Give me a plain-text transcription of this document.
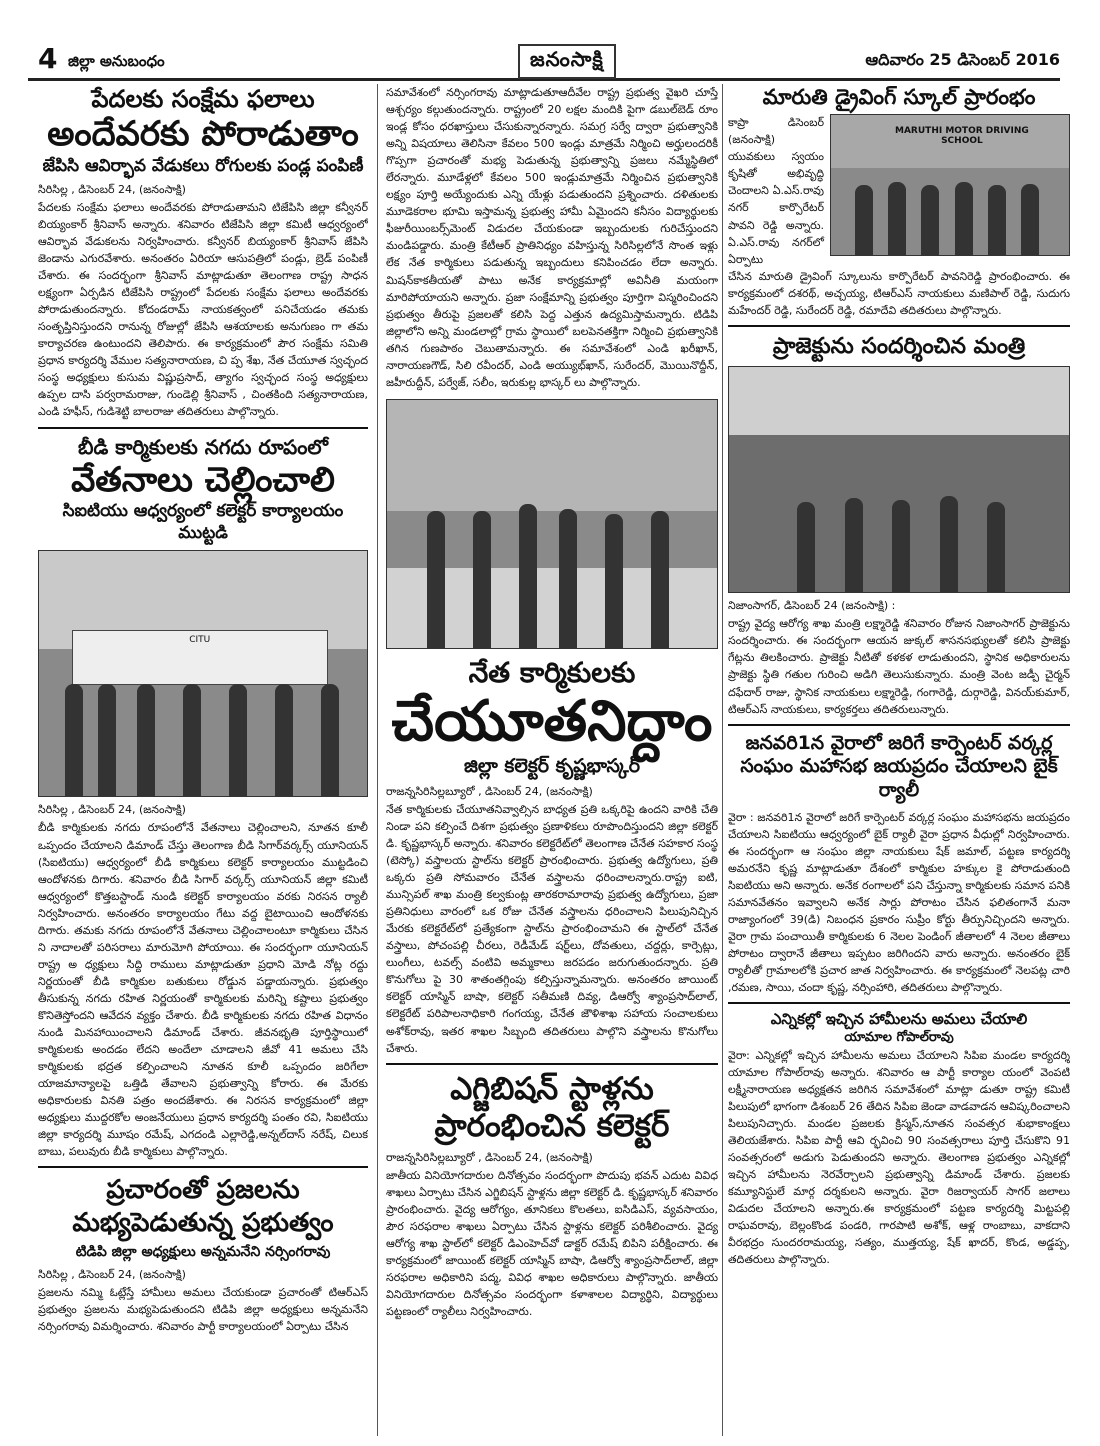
4 జిల్లా అనుబంధం	జనంసాక్షి	ఆదివారం 25 డిసెంబర్ 2016
పేదలకు సంక్షేమ ఫలాలు
అందేవరకు పోరాడుతాం
జేపిసి ఆవిర్భావ వేడుకలు రోగులకు పండ్ల పంపిణీ
సిరిసిల్ల , డిసెంబర్ 24, (జనంసాక్షి)

పేదలకు సంక్షేమ ఫలాలు అందేవరకు పోరాడుతామని టిజేపిసి జిల్లా కన్వీనర్ బియ్యంకార్ శ్రీనివాస్ అన్నారు. శనివారం టిజేపిసి జిల్లా కమిటీ ఆధ్వర్యంలో ఆవిర్భావ వేడుకలను నిర్వహించారు. కన్వీనర్ బియ్యంకార్ శ్రీనివాస్ జేపిసి జెండాను ఎగురవేశారు. అనంతరం ఏరియా ఆసుపత్రిలో పండ్లు, బ్రెడ్ పంపిణీ చేశారు. ఈ సందర్భంగా శ్రీనివాస్ మాట్లాడుతూ తెలంగాణ రాష్ట్ర సాధన లక్ష్యంగా ఏర్పడిన టిజేపిసి రాష్ట్రంలో పేదలకు సంక్షేమ ఫలాలు అందేవరకు పోరాడుతుందన్నారు. కోదండరామ్ నాయకత్వంలో పనిచేయడం తమకు సంతృప్తినిస్తుందని రానున్న రోజుల్లో జేపిసి ఆశయాలకు అనుగుణం గా తమ కార్యాచరణ ఉంటుందని తెలిపారు. ఈ కార్యక్రమంలో పౌర సంక్షేమ సమితి ప్రధాన కార్యదర్శి వేముల సత్యనారాయణ, చి ప్ప శేఖ, నేత చేయూత స్వచ్ఛంద సంస్థ అధ్యక్షులు కుసుమ విష్ణుప్రసాద్, త్యాగం స్వచ్ఛంద సంస్థ అధ్యక్షులు ఉప్పల దాసి పర్వరామరాజు, గుండెల్లి శ్రీనివాస్ , చింతకింది సత్యనారాయణ, ఎండి హఫీస్, గుడిశెట్టి బాలరాజు తదితరులు పాల్గొన్నారు.

బీడి కార్మికులకు నగదు రూపంలో
వేతనాలు చెల్లించాలి
సిఐటియు ఆధ్వర్యంలో కలెక్టర్ కార్యాలయం ముట్టడి
CITU
సిరిసిల్ల , డిసెంబర్ 24, (జనంసాక్షి)

బీడి కార్మికులకు నగదు రూపంలోనే వేతనాలు చెల్లించాలని, నూతన కూలీ ఒప్పందం చేయాలని డిమాండ్ చేస్తు తెలంగాణ బీడి సిగార్‌వర్కర్స్ యూనియన్ (సిఐటియు) ఆధ్వర్యంలో బీడి కార్మికులు కలెక్టర్ కార్యాలయం ముట్టడించి ఆందోళనకు దిగారు. శనివారం బీడి సిగార్ వర్కర్స్ యూనియన్ జిల్లా కమిటీ ఆధ్వర్యంలో కొత్తబస్టాండ్ నుండి కలెక్టర్ కార్యాలయం వరకు నిరసన ర్యాలీ నిర్వహించారు. అనంతరం కార్యాలయం గేటు వద్ద బైటాయించి ఆందోళనకు దిగారు. తమకు నగదు రూపంలోనే వేతనాలు చెల్లించాలంటూ కార్మికులు చేసిన ని నాదాలతో పరిసరాలు మారుమోగి పోయాయి. ఈ సందర్భంగా యూనియన్ రాష్ట్ర అ ధ్యక్షులు సిద్ది రాములు మాట్లాడుతూ ప్రధాని మోడి నోట్ల రద్దు నిర్ణయంతో బీడి కార్మికుల బతుకులు రోడ్డున పడ్డాయన్నారు. ప్రభుత్వం తీసుకున్న నగదు రహిత నిర్ణయంతో కార్మికులకు మరిన్ని కష్టాలు ప్రభుత్వం కొనితెస్తోందని ఆవేదన వ్యక్తం చేశారు. బీడి కార్మికులకు నగదు రహిత విధానం నుండి మినహాయించాలని డిమాండ్ చేశారు. జీవనభృతి పూర్తిస్థాయిలో కార్మికులకు అందడం లేదని అందేలా చూడాలని జీవో 41 అమలు చేసి కార్మికులకు భద్రత కల్పించాలని నూతన కూలీ ఒప్పందం జరిగేలా యాజమాన్యాలపై ఒత్తిడి తేవాలని ప్రభుత్వాన్ని కోరారు. ఈ మేరకు అధికారులకు వినతి పత్రం అందజేశారు. ఈ నిరసన కార్యక్రమంలో జిల్లా అధ్యక్షులు ముద్దరకోల అంజనేయులు ప్రధాన కార్యదర్శి పంతం రవి, సిఐటియు జిల్లా కార్యదర్శి మూషం రమేష్, ఎగదండి ఎల్లారెడ్డి,అన్నల్‌దాస్ నరేష్, చిలుక బాబు, పలువురు బీడి కార్మికులు పాల్గొన్నారు.

ప్రచారంతో ప్రజలను మభ్యపెడుతున్న ప్రభుత్వం
టిడిపి జిల్లా అధ్యక్షులు అన్నమనేని నర్సింగరావు
సిరిసిల్ల , డిసెంబర్ 24, (జనంసాక్షి)

ప్రజలను నమ్మి ఓట్లేస్తే హామీలు అమలు చేయకుండా ప్రచారంతో టిఆర్ఎస్ ప్రభుత్వం ప్రజలను మభ్యపెడుతుందని టిడిపి జిల్లా అధ్యక్షులు అన్నమనేని నర్సింగరావు విమర్శించారు. శనివారం పార్టీ కార్యాలయంలో ఏర్పాటు చేసిన

సమావేశంలో నర్సింగరావు మాట్లాడుతూఆదీవేల రాష్ట్ర ప్రభుత్వ వైఖరి చూస్తే ఆశ్చర్యం కల్గుతుందన్నారు. రాష్ట్రంలో 20 లక్షల మందికి పైగా డబుల్‌బెడ్ రూం ఇండ్ల కోసం ధరఖాస్తులు చేసుకున్నారన్నారు. సమగ్ర సర్వే ద్వారా ప్రభుత్వానికి అన్ని విషయాలు తెలిసినా కేవలం 500 ఇండ్లు మాత్రమే నిర్మించి అర్హులందరికీ గొప్పగా ప్రచారంతో మభ్య పెడుతున్న ప్రభుత్వాన్ని ప్రజలు నమ్మేస్థితిలో లేరన్నారు. మూడేళ్లలో కేవలం 500 ఇండ్లుమాత్రమే నిర్మించిన ప్రభుత్వానికి లక్ష్యం పూర్తి అయ్యేందుకు ఎన్ని యేళ్లు పడుతుందని ప్రశ్నించారు. దళితులకు మూడెకరాల భూమి ఇస్తామన్న ప్రభుత్వ హామీ ఏమైందని కనీసం విద్యార్థులకు ఫీజురీయింబర్స్‌మెంట్ విడుదల చేయకుండా ఇబ్బందులకు గురిచేస్తుందని మండిపడ్డారు. మంత్రి కేటీఆర్ ప్రాతినిధ్యం వహిస్తున్న సిరిసిల్లలోనే సొంత ఇళ్లు లేక నేత కార్మికులు పడుతున్న ఇబ్బందులు కనిపించడం లేదా అన్నారు. మిషన్‌కాకతీయతో పాటు అనేక కార్యక్రమాల్లో అవినీతి మయంగా మారిపోయాయని అన్నారు. ప్రజా సంక్షేమాన్ని ప్రభుత్వం పూర్తిగా విస్మరించిందని ప్రభుత్వం తీరుపై ప్రజలతో కలిసి పెద్ద ఎత్తున ఉద్యమిస్తామన్నారు. టిడిపి జిల్లాలోని అన్ని మండలాల్లో గ్రామ స్థాయిలో బలపెనతక్తిగా నిర్మించి ప్రభుత్వానికి తగిన గుణపాఠం చెబుతామన్నారు. ఈ సమావేశంలో ఎండి ఖరీఖాన్, నారాయణగౌడ్, సిలి రవీందర్, ఎండి అయ్యుభ్‌ఖాన్, సురేందర్, మొయినొద్దీన్, జహీరుద్దీన్, పర్వేజ్, సలీం, ఇరుకుల్ల భాస్కర్ లు పాల్గొన్నారు.

నేత కార్మికులకు
చేయూతనిద్దాం
జిల్లా కలెక్టర్ కృష్ణభాస్కర్
రాజన్నసిరిసిల్లబ్యూరో , డిసెంబర్ 24, (జనంసాక్షి)

నేత కార్మికులకు చేయూతనివ్వాల్సిన బాధ్యత ప్రతి ఒక్కరిపై ఉందని వారికి చేతి నిండా పని కల్పించే దిశగా ప్రభుత్వం ప్రణాళికలు రూపొందిస్తుందని జిల్లా కలెక్టర్ డి. కృష్ణభాస్కర్ అన్నారు. శనివారం కలెక్టరేట్‌లో తెలంగాణ చేనేత సహకార సంస్థ (టెస్కో) వస్త్రాలయ స్టాల్‌ను కలెక్టర్ ప్రారంభించారు. ప్రభుత్వ ఉద్యోగులు, ప్రతి ఒక్కరు ప్రతి సోమవారం చేనేత వస్త్రాలను ధరించాలన్నారు.రాష్ట్ర ఐటి, మున్సిపల్ శాఖ మంత్రి కల్వకుంట్ల తారకరామారావు ప్రభుత్వ ఉద్యోగులు, ప్రజా ప్రతినిధులు వారంలో ఒక రోజు చేనేత వస్త్రాలను ధరించాలని పిలుపునిచ్చిన మేరకు కలెక్టరేట్‌లో ప్రత్యేకంగా స్టాల్‌ను ప్రారంభించామని ఈ స్టాల్‌లో చేనేత వస్త్రాలు, పోచంపల్లి చీరలు, రెడీమేడ్ షర్ట్‌లు, దోవతులు, చద్దర్లు, కార్పెట్లు, లుంగీలు, టవల్స్ వంటివి అమ్మకాలు జరపడం జరుగుతుందన్నారు. ప్రతి కొనుగోలు పై 30 శాతంతగ్గింపు కల్పిస్తున్నామన్నారు. అనంతరం జాయింట్ కలెక్టర్ యాస్మిన్ బాషా, కలెక్టర్ సతీమణి దివ్య, డిఆర్వో శ్యాంప్రసాద్‌లాల్, కలెక్టరేట్ పరిపాలనాధికారి గంగయ్య, చేనేత జౌళిశాఖ సహాయ సంచాలకులు అశోక్‌రావు, ఇతర శాఖల సిబ్బంది తదితరులు పాల్గొని వస్త్రాలను కొనుగోలు చేశారు.

ఎగ్జిబిషన్ స్టాళ్లను ప్రారంభించిన కలెక్టర్
రాజన్నసిరిసిల్లబ్యూరో , డిసెంబర్ 24, (జనంసాక్షి)

జాతీయ వినియోగదారుల దినోత్సవం సందర్భంగా పొదుపు భవన్ ఎదుట వివిధ శాఖలు ఏర్పాటు చేసిన ఎగ్జిబిషన్ స్టాళ్లను జిల్లా కలెక్టర్ డి. కృష్ణభాస్కర్ శనివారం ప్రారంభించారు. వైద్య ఆరోగ్యం, తూనికలు కొలతలు, ఐసిడిఎస్, వ్యవసాయం, పౌర సరఫరాల శాఖలు ఏర్పాటు చేసిన స్టాళ్లను కలెక్టర్ పరిశీలించారు. వైద్య ఆరోగ్య శాఖ స్టాల్‌లో కలెక్టర్ డిఎంహెచ్‌వో డాక్టర్ రమేష్ బిపిని పరీక్షించారు. ఈ కార్యక్రమంలో జాయింట్ కలెక్టర్ యాస్మిన్ బాషా, డిఆర్వో శ్యాంప్రసాద్‌లాల్, జిల్లా సరఫరాల అధికారిని పద్మ, వివిధ శాఖల అధికారులు పాల్గొన్నారు. జాతీయ వినియోగదారుల దినోత్సవం సందర్భంగా కళాశాలల విద్యార్థిని, విద్యార్థులు పట్టణంలో ర్యాలీలు నిర్వహించారు.

మారుతి డ్రైవింగ్ స్కూల్ ప్రారంభం
MARUTHI MOTOR DRIVING SCHOOL

కాప్రా డిసెంబర్ (జనంసాక్షి) యువకులు స్వయం కృషితో అభివృద్ధి చెందాలని ఏ.ఎస్.రావు నగర్ కార్పొరేటర్ పావని రెడ్డి అన్నారు. ఏ.ఎస్.రావు నగర్‌లో ఏర్పాటు

చేసిన మారుతి డ్రైవింగ్ స్కూలును కార్పొరేటర్ పావనిరెడ్డి ప్రారంభించారు. ఈ కార్యక్రమంలో దశరథ్, అచ్చయ్య, టిఆర్ఎస్ నాయకులు మణిపాల్ రెడ్డి, సుదుగు మహేందర్ రెడ్డి, సురేందర్ రెడ్డి, రమాదేవి తదితరులు పాల్గొన్నారు.

ప్రాజెక్టును సందర్శించిన మంత్రి
నిజాంసాగర్, డిసెంబర్ 24 (జనంసాక్షి) :

రాష్ట్ర వైద్య ఆరోగ్య శాఖ మంత్రి లక్ష్మారెడ్డి శనివారం రోజున నిజాంసాగర్ ప్రాజెక్టును సందర్శించారు. ఈ సందర్భంగా ఆయన జుక్కల్ శాసనసభ్యులతో కలిసి ప్రాజెక్టు గేట్లను తిలకించారు. ప్రాజెక్టు నీటితో కళకళ లాడుతుందని, స్థానిక అధికారులను ప్రాజెక్టు స్థితి గతుల గురించి అడిగి తెలుసుకున్నారు. మంత్రి వెంట జడ్పీ చైర్మన్ దఫేదార్ రాజు, స్థానిక నాయకులు లక్ష్మారెడ్డి, గంగారెడ్డి, దుర్గారెడ్డి, వినయ్‌కుమార్, టిఆర్ఎస్ నాయకులు, కార్యకర్తలు తదితరులున్నారు.

జనవరి1న వైరాలో జరిగే కార్పెంటర్ వర్కర్ల సంఘం మహాసభ జయప్రదం చేయాలని బైక్ ర్యాలీ

వైరా : జనవరి1న వైరాలో జరిగే కార్పెంటర్ వర్కర్ల సంఘం మహాసభను జయప్రదం చేయాలని సిఐటియు ఆధ్వర్యంలో బైక్ ర్యాలీ వైరా ప్రధాన వీధుల్లో నిర్వహించారు. ఈ సందర్భంగా ఆ సంఘం జిల్లా నాయకులు షేక్ జమాల్, పట్టణ కార్యదర్శి అమరనేని కృష్ణ మాట్లాడుతూ దేశంలో కార్మికుల హక్కుల కై పోరాడుతుంది సిఐటియు అని అన్నారు. అనేక రంగాలలో పని చేస్తున్నా కార్మికులకు సమాన పనికి సమానవేతనం ఇవ్వాలని అనేక సార్లు పోరాటం చేసిన ఫలితంగానే మనా రాజ్యాంగంలో 39(డి) నిబంధన ప్రకారం సుప్రీం కోర్టు తీర్పునిచ్చిందని అన్నారు. వైరా గ్రామ పంచాయితీ కార్మికులకు 6 నెలల పెండింగ్ జీతాలలో 4 నెలల జీతాలు పోరాటం ద్వారానే జీతాలు ఇప్పటం జరిగిందని వారు అన్నారు. అనంతరం బైక్ ర్యాలీతో గ్రామాలలోకి ప్రచార జాత నిర్వహించారు. ఈ కార్యక్రమంలో నెలపట్ల చారి ,రమణ, సాయి, చందా కృష్ణ, నర్సింహారి, తదితరులు పాల్గొన్నారు.

ఎన్నికల్లో ఇచ్చిన హామీలను అమలు చేయాలి
యామాల గోపాల్‌రావు

వైరా: ఎన్నికల్లో ఇచ్చిన హామీలను అమలు చేయాలని సిపిఐ మండల కార్యదర్శి యామాల గోపాల్‌రావు అన్నారు. శనివారం ఆ పార్టీ కార్యాల యంలో వెంపటి లక్ష్మీనారాయణ అధ్యక్షతన జరిగిన సమావేశంలో మాట్లా డుతూ రాష్ట్ర కమిటీ పిలుపులో భాగంగా డిశంబర్ 26 తేదిన సిపిఐ జెండా వాడవాడన ఆవిష్కరించాలని పిలుపునిచ్చారు. మండల ప్రజలకు క్రిస్మస్,నూతన సంవత్సర శుభాకాంక్షలు తెలియజేశారు. సిపిఐ పార్టీ ఆవి ర్భవించి 90 సంవత్సరాలు పూర్తి చేసుకొని 91 సంవత్సరంలో అడుగు పెడుతుందని అన్నారు. తెలంగాణ ప్రభుత్వం ఎన్నికల్లో ఇచ్చిన హామీలను నెరవేర్చాలని ప్రభుత్వాన్ని డిమాండ్ చేశారు. ప్రజలకు కమ్యూనిస్టులే మార్గ దర్శకులని అన్నారు. వైరా రిజర్వాయర్ సాగర్ జలాలు విడుదల చేయాలని అన్నారు.ఈ కార్యక్రమంలో పట్టణ కార్యదర్శి మిట్టపల్లి రాఘవరావు, బెల్లంకొండ పండరి, గారపాటి అశోక్, ఆళ్ల రాంబాబు, వాకదాని వీరభద్రం సుందరరామయ్య, సత్యం, ముత్తయ్య, షేక్ ఖాదర్, కొండ, అడ్డప్ప, తదితరులు పాల్గొన్నారు.
